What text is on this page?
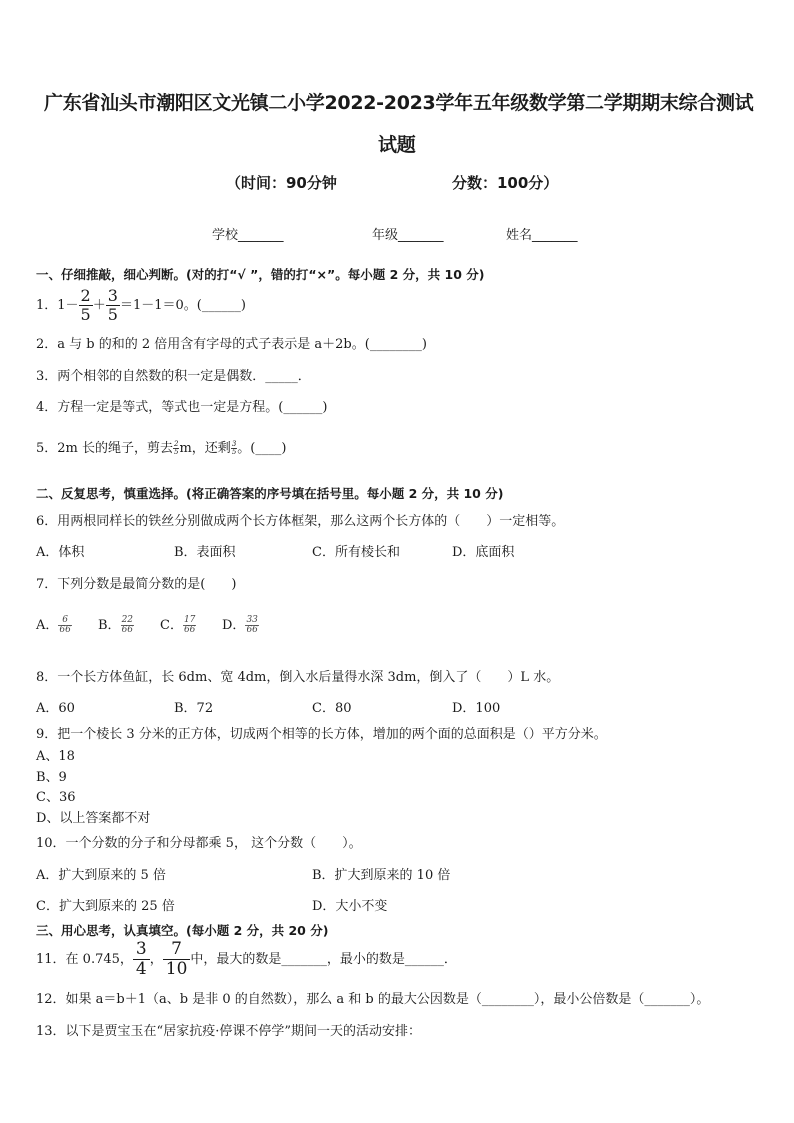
广东省汕头市潮阳区文光镇二小学2022-2023学年五年级数学第二学期期末综合测试
试题
（时间：90分钟	分数：100分）
学校_______	年级_______	姓名_______
一、仔细推敲，细心判断。(对的打“√ ”，错的打“×”。每小题 2 分，共 10 分)
1．$1- \frac{2}{5} + \frac{3}{5} =1-1=0$。(______)
2．a 与 b 的和的 2 倍用含有字母的式子表示是 a＋2b。(________)
3．两个相邻的自然数的积一定是偶数．_____．
4．方程一定是等式，等式也一定是方程。(______)
5．2m 长的绳子，剪去 $\frac{2}{5}$ m，还剩 $\frac{3}{5}$ 。(____)
二、反复思考，慎重选择。(将正确答案的序号填在括号里。每小题 2 分，共 10 分)
6．用两根同样长的铁丝分别做成两个长方体框架，那么这两个长方体的（　　）一定相等。
A．体积	B．表面积	C．所有棱长和	D．底面积
7．下列分数是最简分数的是(　　)
A． $\frac{6}{66}$ B． $\frac{22}{66}$ C． $\frac{17}{66}$ D． $\frac{33}{66}$
8．一个长方体鱼缸，长 6dm、宽 4dm，倒入水后量得水深 3dm，倒入了（　　）L 水。
A．60	B．72	C．80	D．100
9．把一个棱长 3 分米的正方体，切成两个相等的长方体，增加的两个面的总面积是（）平方分米。
A、18
B、9
C、36
D、以上答案都不对
10．一个分数的分子和分母都乘 5， 这个分数（　　）。
A．扩大到原来的 5 倍	B．扩大到原来的 10 倍
C．扩大到原来的 25 倍	D．大小不变
三、用心思考，认真填空。(每小题 2 分，共 20 分)
11．在 0.745， $\frac{3}{4}$ ， $\frac{7}{10}$ 中，最大的数是_______，最小的数是______．
12．如果 a＝b＋1（a、b 是非 0 的自然数），那么 a 和 b 的最大公因数是（________），最小公倍数是（_______）。
13．以下是贾宝玉在“居家抗疫·停课不停学”期间一天的活动安排：
